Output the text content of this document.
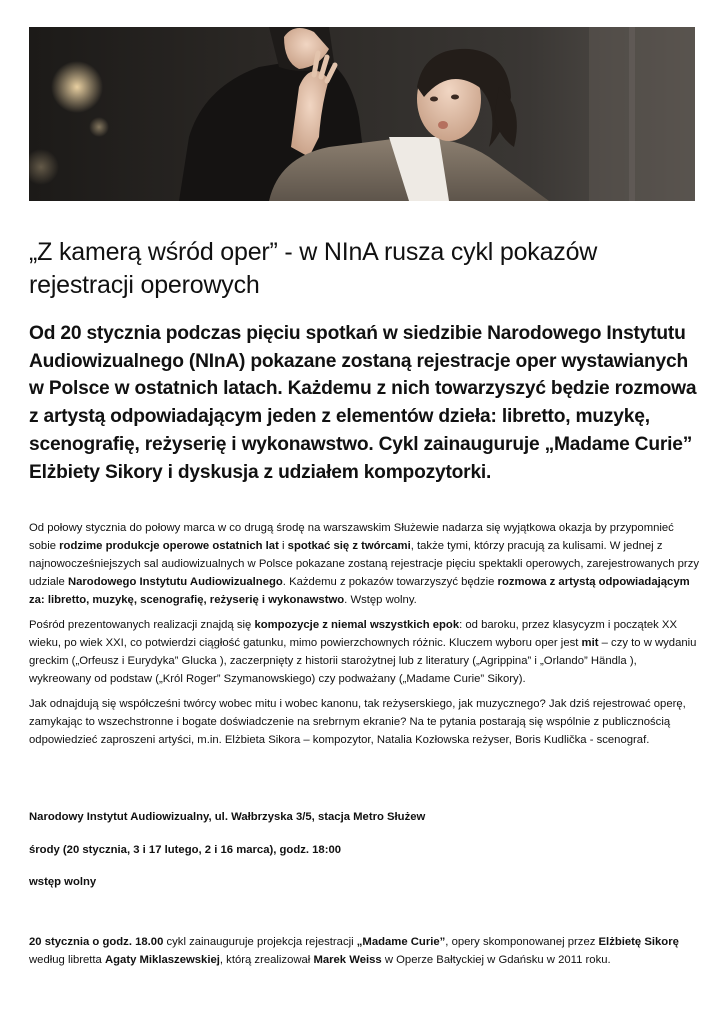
„Z kamerą wśród oper” - w NInA rusza cykl pokazów rejestracji operowych

Od 20 stycznia podczas pięciu spotkań w siedzibie Narodowego Instytutu Audiowizualnego (NInA) pokazane zostaną rejestracje oper wystawianych w Polsce w ostatnich latach. Każdemu z nich towarzyszyć będzie rozmowa z artystą odpowiadającym jeden z elementów dzieła: libretto, muzykę, scenografię, reżyserię i wykonawstwo. Cykl zainauguruje „Madame Curie” Elżbiety Sikory i dyskusja z udziałem kompozytorki.

Od połowy stycznia do połowy marca w co drugą środę na warszawskim Służewie nadarza się wyjątkowa okazja by przypomnieć sobie rodzime produkcje operowe ostatnich lat i spotkać się z twórcami, także tymi, którzy pracują za kulisami. W jednej z najnowocześniejszych sal audiowizualnych w Polsce pokazane zostaną rejestracje pięciu spektakli operowych, zarejestrowanych przy udziale Narodowego Instytutu Audiowizualnego. Każdemu z pokazów towarzyszyć będzie rozmowa z artystą odpowiadającym za: libretto, muzykę, scenografię, reżyserię i wykonawstwo. Wstęp wolny.

Pośród prezentowanych realizacji znajdą się kompozycje z niemal wszystkich epok: od baroku, przez klasycyzm i początek XX wieku, po wiek XXI, co potwierdzi ciągłość gatunku, mimo powierzchownych różnic. Kluczem wyboru oper jest mit – czy to w wydaniu greckim („Orfeusz i Eurydyka” Glucka ), zaczerpnięty z historii starożytnej lub z literatury („Agrippina” i „Orlando” Händla ), wykreowany od podstaw („Król Roger” Szymanowskiego) czy podważany („Madame Curie” Sikory).

Jak odnajdują się współcześni twórcy wobec mitu i wobec kanonu, tak reżyserskiego, jak muzycznego? Jak dziś rejestrować operę, zamykając to wszechstronne i bogate doświadczenie na srebrnym ekranie? Na te pytania postarają się wspólnie z publicznością odpowiedzieć zaproszeni artyści, m.in. Elżbieta Sikora – kompozytor, Natalia Kozłowska reżyser, Boris Kudlička - scenograf.

Narodowy Instytut Audiowizualny, ul. Wałbrzyska 3/5, stacja Metro Służew

środy (20 stycznia, 3 i 17 lutego, 2 i 16 marca), godz. 18:00

wstęp wolny

20 stycznia o godz. 18.00 cykl zainauguruje projekcja rejestracji „Madame Curie”, opery skomponowanej przez Elżbietę Sikorę według libretta Agaty Miklaszewskiej, którą zrealizował Marek Weiss w Operze Bałtyckiej w Gdańsku w 2011 roku.
